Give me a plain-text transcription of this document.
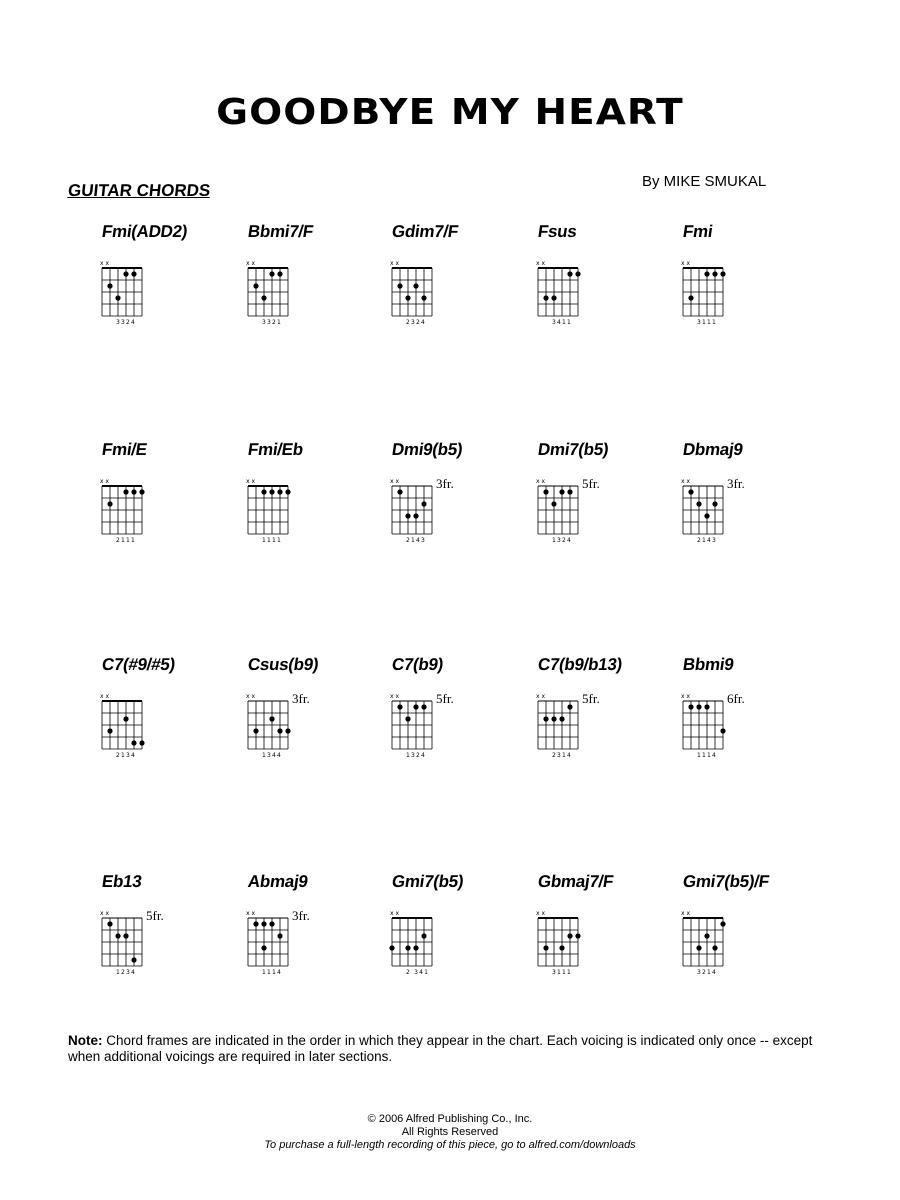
GOODBYE MY HEART
GUITAR CHORDS	By MIKE SMUKAL
Fmi(ADD2)
x x
3324
Bbmi7/F
x x
3321
Gdim7/F
x x
2324
Fsus
x x
3411
Fmi
x x
3111
Fmi/E
x x
2111
Fmi/Eb
x x
1111
Dmi9(b5)
x x
2143
3fr.
Dmi7(b5)
x x
1324
5fr.
Dbmaj9
x x
2143
3fr.
C7(#9/#5)
x x
2134
Csus(b9)
x x
1344
3fr.
C7(b9)
x x
1324
5fr.
C7(b9/b13)
x x
2314
5fr.
Bbmi9
x x
1114
6fr.
Eb13
x x
1234
5fr.
Abmaj9
x x
1114
3fr.
Gmi7(b5)
x x
2 341
Gbmaj7/F
x x
3111
Gmi7(b5)/F
x x
3214
Note: Chord frames are indicated in the order in which they appear in the chart. Each voicing is indicated only once -- except when additional voicings are required in later sections.
© 2006 Alfred Publishing Co., Inc.
All Rights Reserved
To purchase a full-length recording of this piece, go to alfred.com/downloads
